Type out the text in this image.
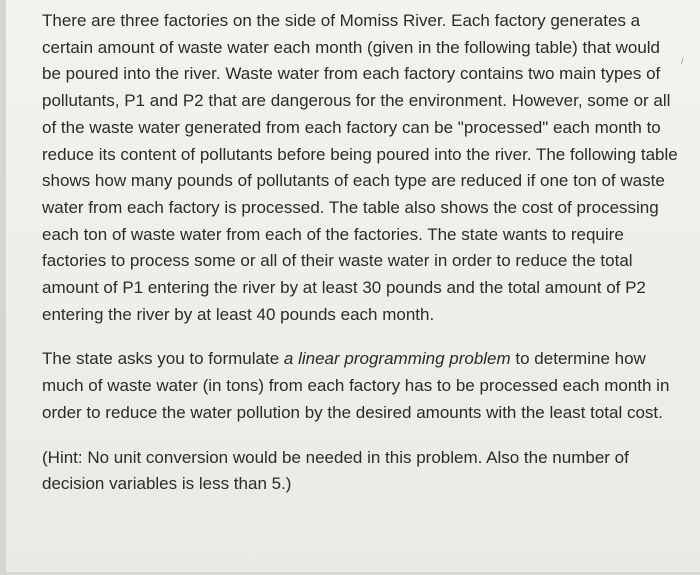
There are three factories on the side of Momiss River. Each factory generates a certain amount of waste water each month (given in the following table) that would be poured into the river. Waste water from each factory contains two main types of pollutants, P1 and P2 that are dangerous for the environment. However, some or all of the waste water generated from each factory can be "processed" each month to reduce its content of pollutants before being poured into the river. The following table shows how many pounds of pollutants of each type are reduced if one ton of waste water from each factory is processed. The table also shows the cost of processing each ton of waste water from each of the factories. The state wants to require factories to process some or all of their waste water in order to reduce the total amount of P1 entering the river by at least 30 pounds and the total amount of P2 entering the river by at least 40 pounds each month.

The state asks you to formulate a linear programming problem to determine how much of waste water (in tons) from each factory has to be processed each month in order to reduce the water pollution by the desired amounts with the least total cost.

(Hint: No unit conversion would be needed in this problem. Also the number of decision variables is less than 5.)

/
